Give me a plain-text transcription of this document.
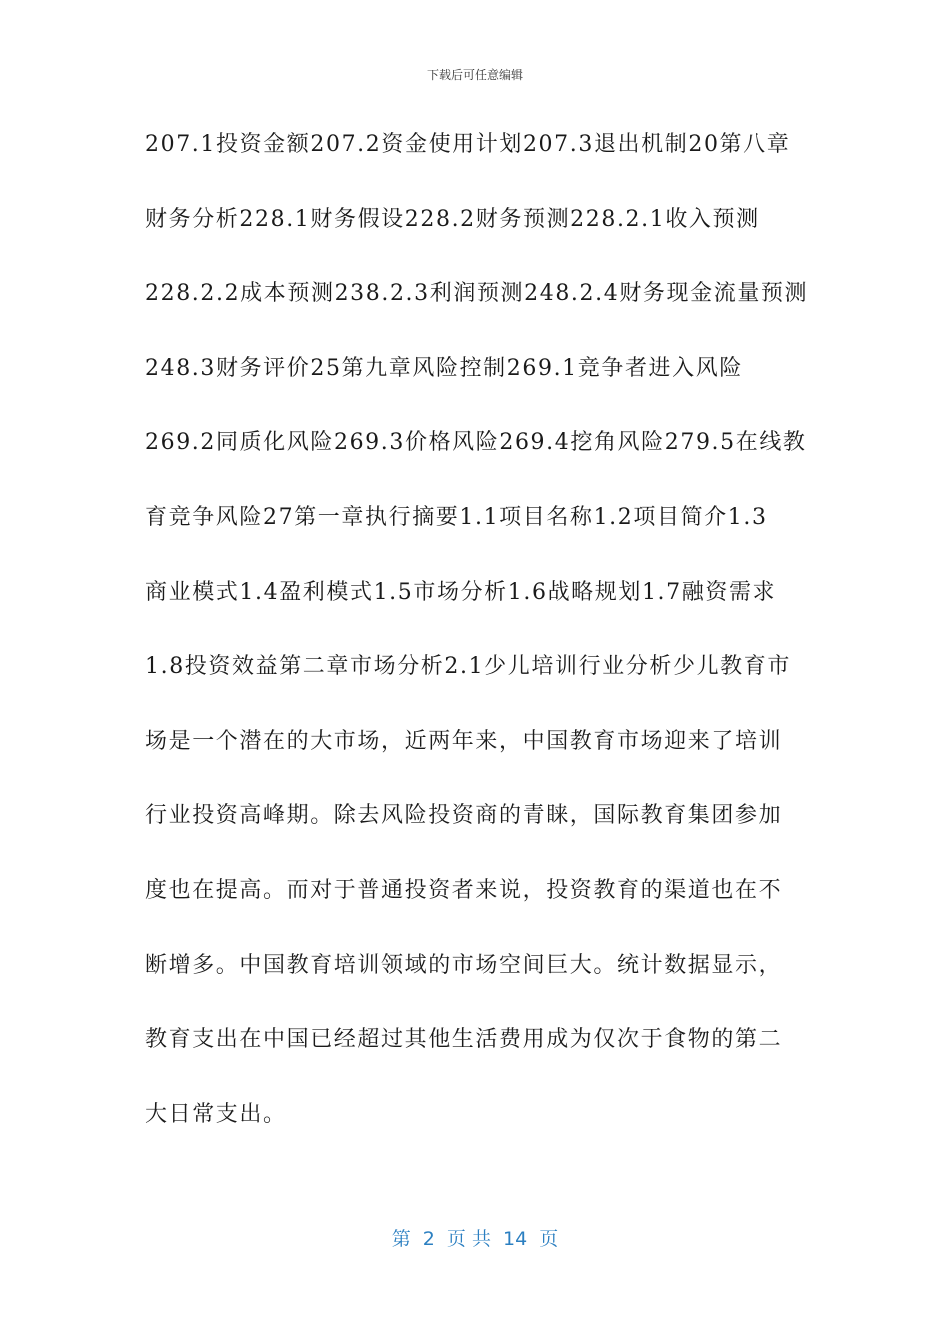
下载后可任意编辑
207.1投资金额207.2资金使用计划207.3退出机制20第八章
财务分析228.1财务假设228.2财务预测228.2.1收入预测
228.2.2成本预测238.2.3利润预测248.2.4财务现金流量预测
248.3财务评价25第九章风险控制269.1竞争者进入风险
269.2同质化风险269.3价格风险269.4挖角风险279.5在线教
育竞争风险27第一章执行摘要1.1项目名称1.2项目简介1.3
商业模式1.4盈利模式1.5市场分析1.6战略规划1.7融资需求
1.8投资效益第二章市场分析2.1少儿培训行业分析少儿教育市
场是一个潜在的大市场，近两年来，中国教育市场迎来了培训
行业投资高峰期。除去风险投资商的青睐，国际教育集团参加
度也在提高。而对于普通投资者来说，投资教育的渠道也在不
断增多。中国教育培训领域的市场空间巨大。统计数据显示，
教育支出在中国已经超过其他生活费用成为仅次于食物的第二
大日常支出。
第  2  页 共  14  页
